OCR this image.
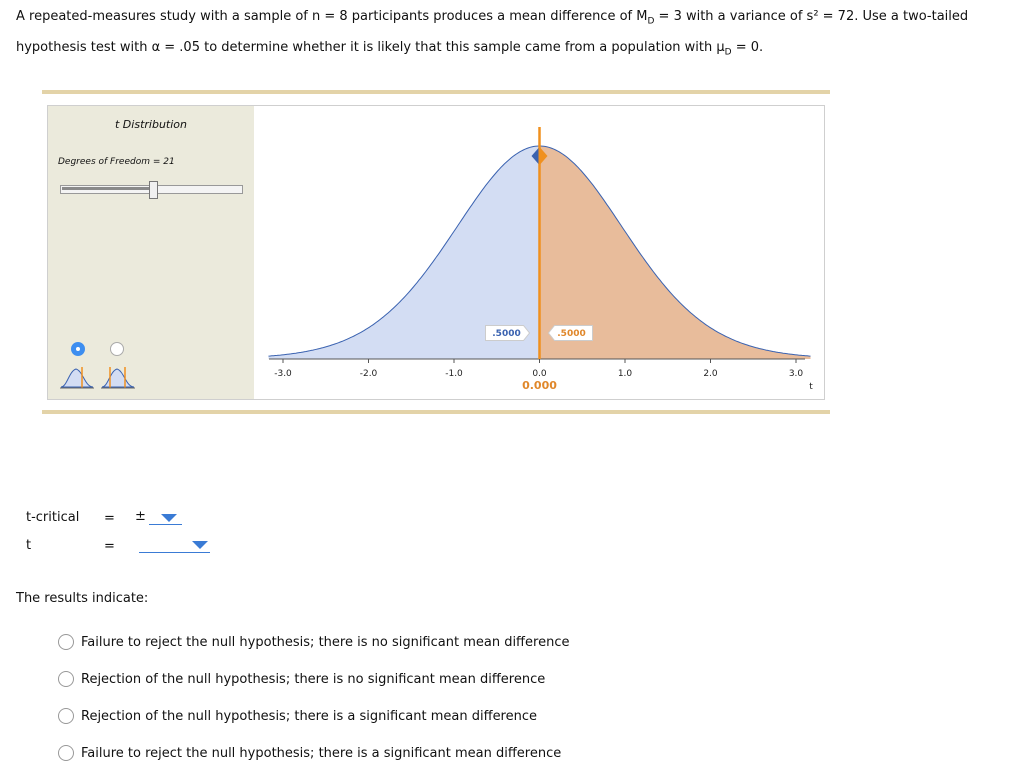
A repeated-measures study with a sample of n = 8 participants produces a mean difference of $M_D = 3$ with a variance of s² = 72. Use a two-tailed
hypothesis test with α = .05 to determine whether it is likely that this sample came from a population with $\mu_D = 0$.
t Distribution
Degrees of Freedom = 21
-3.0	-2.0	-1.0	0.0	1.0	2.0	3.0
.5000	.5000
0.000	t
t-critical = ±
t	=
The results indicate:
Failure to reject the null hypothesis; there is no significant mean difference
Rejection of the null hypothesis; there is no significant mean difference
Rejection of the null hypothesis; there is a significant mean difference
Failure to reject the null hypothesis; there is a significant mean difference
